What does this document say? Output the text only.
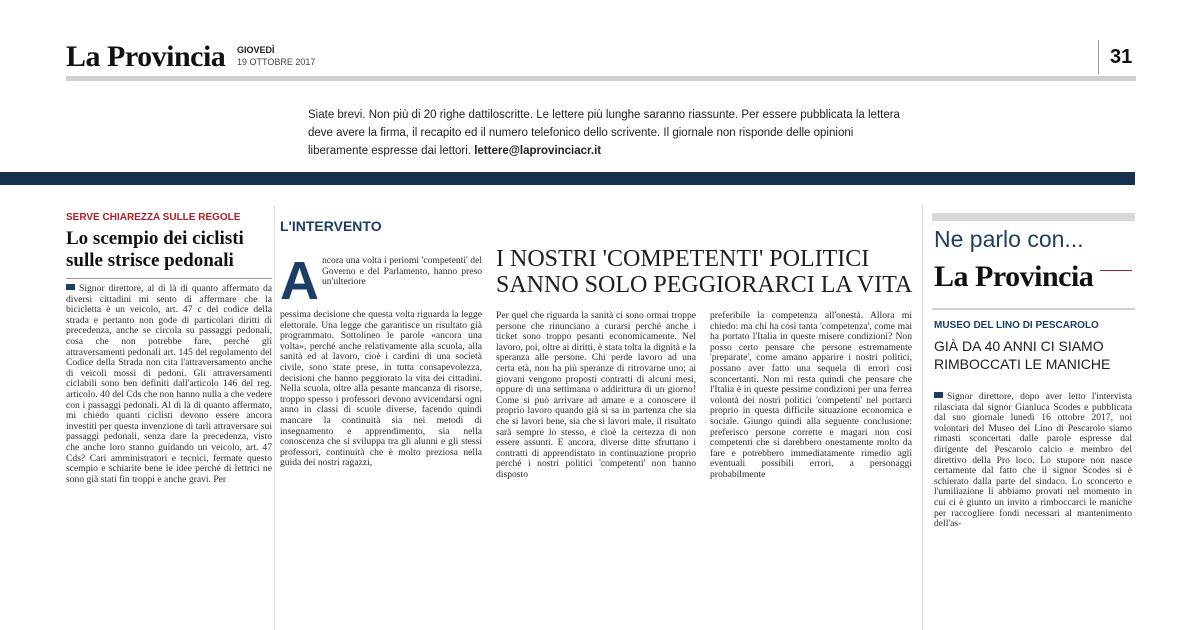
La Provincia GIOVEDÌ
19 OTTOBRE 2017	31
Siate brevi. Non più di 20 righe dattiloscritte. Le lettere più lunghe saranno riassunte. Per essere pubblicata la lettera deve avere la firma, il recapito ed il numero telefonico dello scrivente. Il giornale non risponde delle opinioni liberamente espresse dai lettori. lettere@laprovinciacr.it
SERVE CHIAREZZA SULLE REGOLE
Lo scempio dei ciclisti sulle strisce pedonali
Signor direttore, al di là di quanto affermato da diversi cittadini mi sento di affermare che la bicicletta è un veicolo, art. 47 c del codice della strada e pertanto non gode di particolari diritti di precedenza, anche se circola su passaggi pedonali, cosa che non potrebbe fare, perché gli attraversamenti pedonali art. 145 del regolamento del Codice della Strada non cita l'attraversamento anche di veicoli mossi di pedoni. Gli attraversamenti ciclabili sono ben definiti dall'articolo 146 del reg. articolo. 40 del Cds che non hanno nulla a che vedere con i passaggi pedonali. Al di là di quanto affermato, mi chiedo quanti ciclisti devono essere ancora investiti per questa invenzione di tarli attraversare sui passaggi pedonali, senza dare la precedenza, visto che anche loro stanno guidando un veicolo, art. 47 Cds? Cari amministratori e tecnici, fermate questo scempio e schiarite bene le idee perché di lettrici ne sono già stati fin troppi e anche gravi. Per
L'INTERVENTO
A ncora una volta i periomi 'competenti' del Governo e del Parlamento, hanno preso un'ulteriore
pessima decisione che questa volta riguarda la legge elettorale. Una legge che garantisce un risultato già programmato. Sottolineo le parole «ancora una volta», perché anche relativamente alla scuola, alla sanità ed al lavoro, cioè i cardini di una società civile, sono state prese, in tutta consapevolezza, decisioni che hanno peggiorato la vita dei cittadini. Nella scuola, oltre alla pesante mancanza di risorse, troppo spesso i professori devono avvicendarsi ogni anno in classi di scuole diverse, facendo quindi mancare la continuità sia nei metodi di insegnamento e apprendimento, sia nella conoscenza che si sviluppa tra gli alunni e gli stessi professori, continuità che è molto preziosa nella guida dei nostri ragazzi,
I NOSTRI 'COMPETENTI' POLITICI SANNO SOLO PEGGIORARCI LA VITA
Per quel che riguarda la sanità ci sono ormai troppe persone che rinunciano a curarsi perché anche i ticket sono troppo pesanti economicamente. Nel lavoro, poi, oltre ai diritti, è stata tolta la dignità e la speranza alle persone. Chi perde lavoro ad una certa età, non ha più speranze di ritrovarne uno; ai giovani vengono proposti contratti di alcuni mesi, oppure di una settimana o addirittura di un giorno! Come si può arrivare ad amare e a conoscere il proprio lavoro quando già si sa in partenza che sia che si lavori bene, sia che si lavori male, il risultato sarà sempre lo stesso, e cioè la certezza di non essere assunti. E ancora, diverse ditte sfruttano i contratti di apprendistato in continuazione proprio perché i nostri politici 'competenti' non hanno disposto
preferibile la competenza all'onestà. Allora mi chiedo: ma chi ha così tanta 'competenza', come mai ha portato l'Italia in queste misere condizioni? Non posso certo pensare che persone estremamente 'preparate', come amano apparire i nostri politici, possano aver fatto una sequela di errori così sconcertanti. Non mi resta quindi che pensare che l'Italia è in queste pessime condizioni per una ferrea volontà dei nostri politici 'competenti' nel portarci proprio in questa difficile situazione economica e sociale. Giungo quindi alla seguente conclusione: preferisco persone corrette e magari non così competenti che si darebbero onestamente molto da fare e potrebbero immediatamente rimedio agli eventuali possibili errori, a personaggi probabilmente
Ne parlo con...
La Provincia
MUSEO DEL LINO DI PESCAROLO
GIÀ DA 40 ANNI CI SIAMO RIMBOCCATI LE MANICHE
Signor direttore, dopo aver letto l'intervista rilasciata dal signor Gianluca Scodes e pubblicata dal suo giornale lunedì 16 ottobre 2017, noi volontari del Museo del Lino di Pescarolo siamo rimasti sconcertati dalle parole espresse dal dirigente del Pescarolo calcio e membro del direttivo della Pro loco. Lo stupore non nasce certamente dal fatto che il signor Scodes si è schierato dalla parte del sindaco. Lo sconcerto e l'umiliazione li abbiamo provati nel momento in cui ci è giunto un invito a rimboccarci le maniche per raccogliere fondi necessari al mantenimento dell'as-
